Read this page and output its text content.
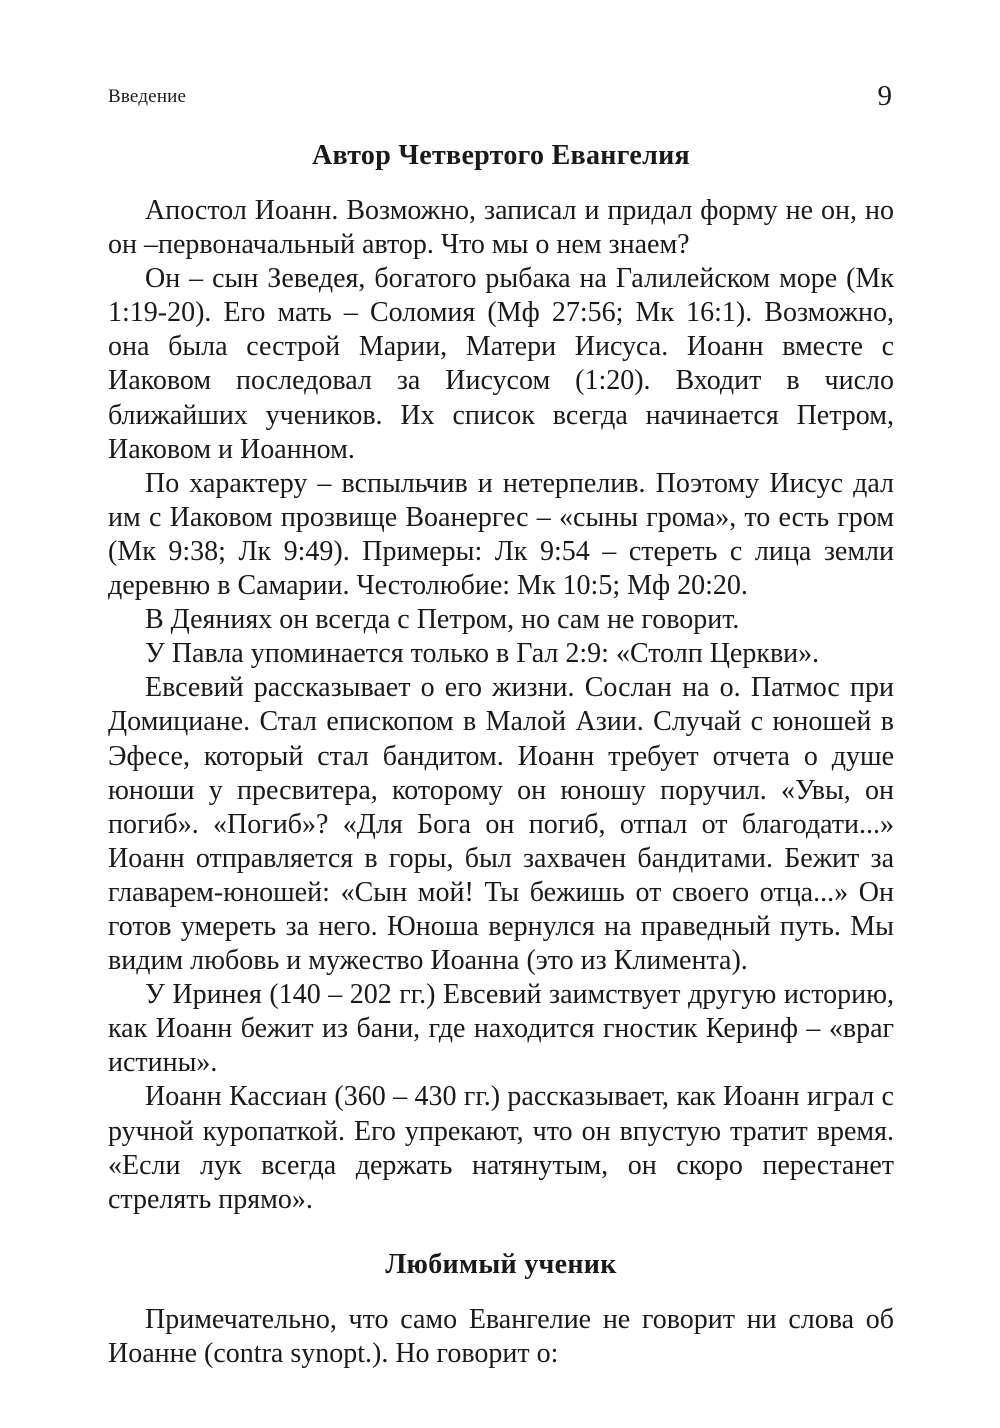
Введение	9
Автор Четвертого Евангелия

Апостол Иоанн. Возможно, записал и придал форму не он, но он –первоначальный автор. Что мы о нем знаем?

Он – сын Зеведея, богатого рыбака на Галилейском море (Мк 1:19-20). Его мать – Соломия (Мф 27:56; Мк 16:1). Возможно, она была сестрой Марии, Матери Иисуса. Иоанн вместе с Иаковом последовал за Иисусом (1:20). Входит в число ближайших учеников. Их список всегда начинается Петром, Иаковом и Иоанном.

По характеру – вспыльчив и нетерпелив. Поэтому Иисус дал им с Иаковом прозвище Воанергес – «сыны грома», то есть гром (Мк 9:38; Лк 9:49). Примеры: Лк 9:54 – стереть с лица земли деревню в Самарии. Честолюбие: Мк 10:5; Мф 20:20.

В Деяниях он всегда с Петром, но сам не говорит.

У Павла упоминается только в Гал 2:9: «Столп Церкви».

Евсевий рассказывает о его жизни. Сослан на о. Патмос при Домициане. Стал епископом в Малой Азии. Случай с юношей в Эфесе, который стал бандитом. Иоанн требует отчета о душе юноши у пресвитера, которому он юношу поручил. «Увы, он погиб». «Погиб»? «Для Бога он погиб, отпал от благодати...» Иоанн отправляется в горы, был захвачен бандитами. Бежит за главарем-юношей: «Сын мой! Ты бежишь от своего отца...» Он готов умереть за него. Юноша вернулся на праведный путь. Мы видим любовь и мужество Иоанна (это из Климента).

У Иринея (140 – 202 гг.) Евсевий заимствует другую историю, как Иоанн бежит из бани, где находится гностик Керинф – «враг истины».

Иоанн Кассиан (360 – 430 гг.) рассказывает, как Иоанн играл с ручной куропаткой. Его упрекают, что он впустую тратит время. «Если лук всегда держать натянутым, он скоро перестанет стрелять прямо».

Любимый ученик

Примечательно, что само Евангелие не говорит ни слова об Иоанне (contra synopt.). Но говорит о:
